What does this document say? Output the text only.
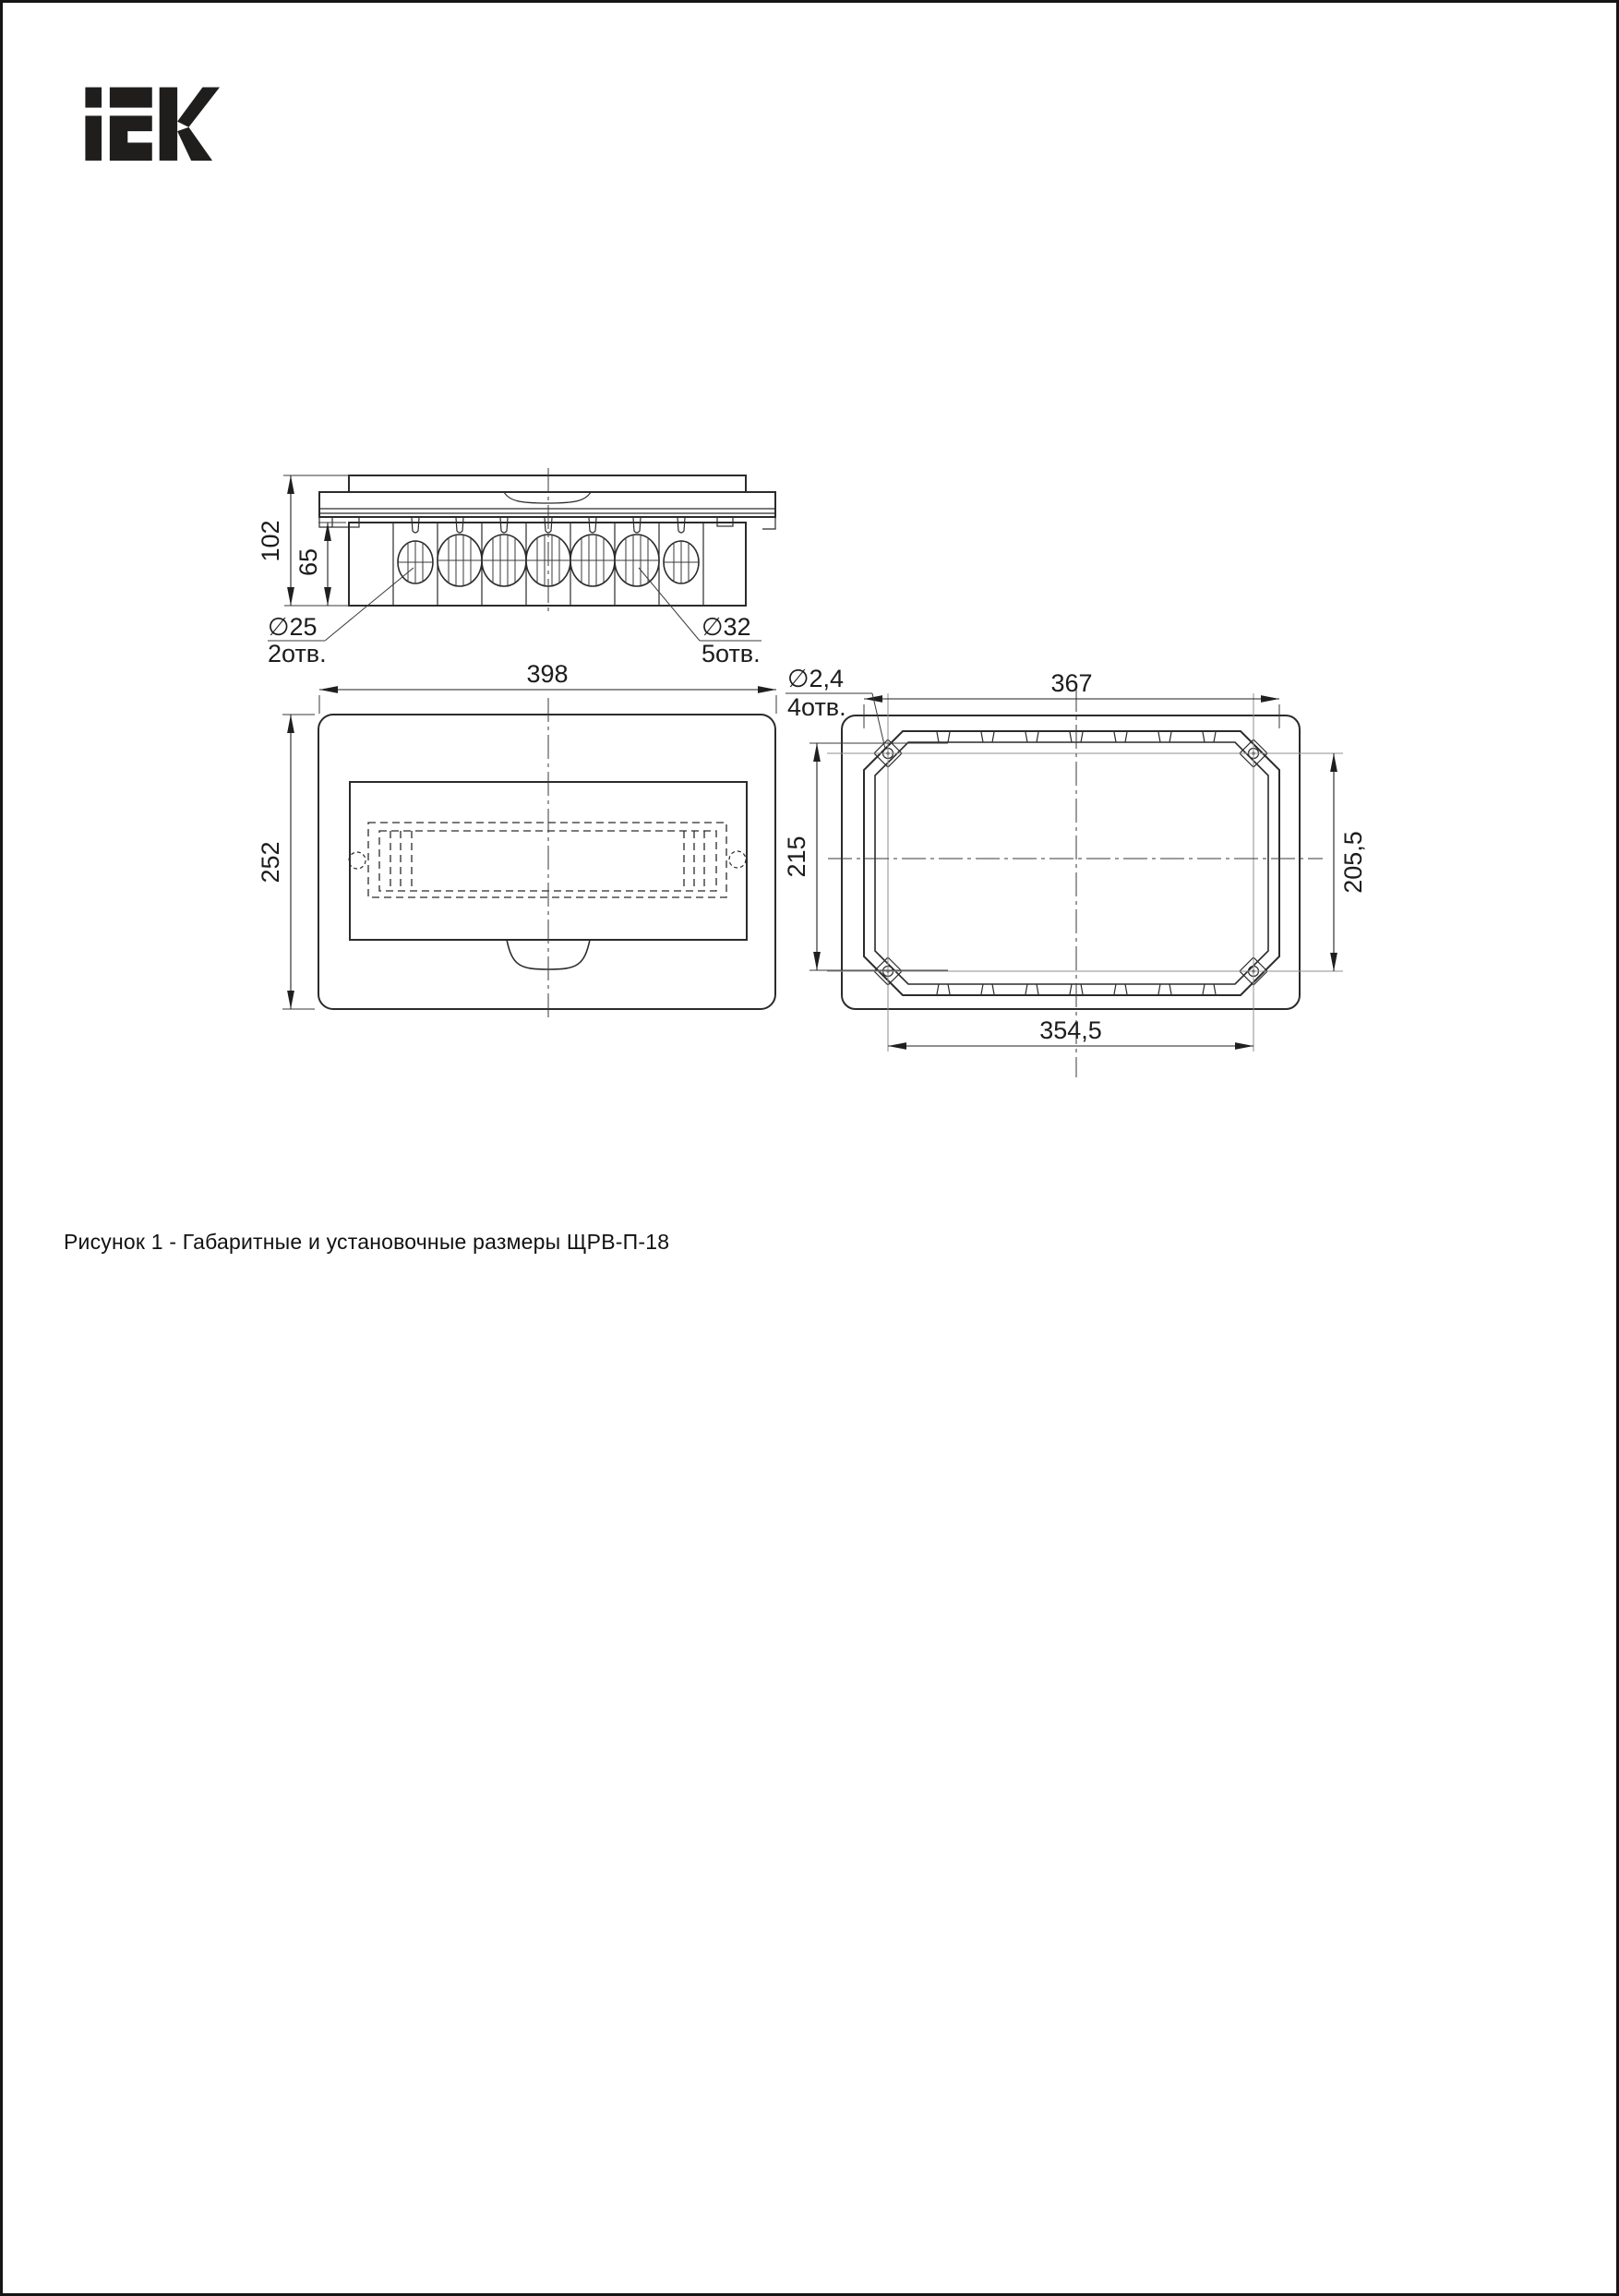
102
65
∅25
2отв.
∅32
5отв.
398
252
367
215	205,5
354,5
∅2,4
4отв.
Рисунок 1 - Габаритные и установочные размеры ЩРВ-П-18
